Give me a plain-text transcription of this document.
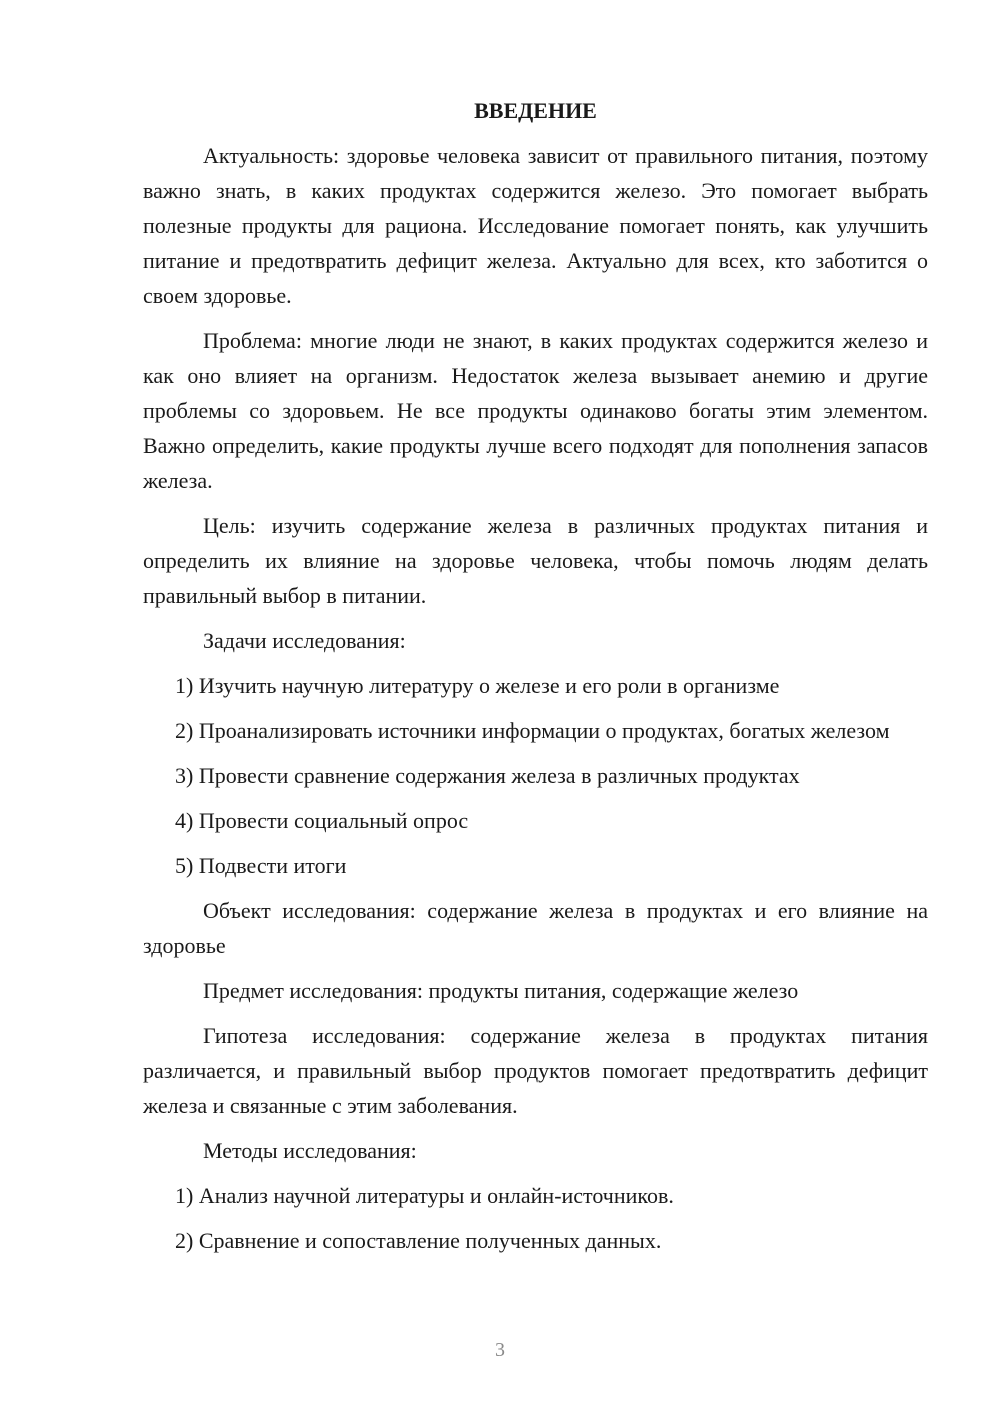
ВВЕДЕНИЕ

Актуальность: здоровье человека зависит от правильного питания, поэтому важно знать, в каких продуктах содержится железо. Это помогает выбрать полезные продукты для рациона. Исследование помогает понять, как улучшить питание и предотвратить дефицит железа. Актуально для всех, кто заботится о своем здоровье.

Проблема: многие люди не знают, в каких продуктах содержится железо и как оно влияет на организм. Недостаток железа вызывает анемию и другие проблемы со здоровьем. Не все продукты одинаково богаты этим элементом. Важно определить, какие продукты лучше всего подходят для пополнения запасов железа.

Цель: изучить содержание железа в различных продуктах питания и определить их влияние на здоровье человека, чтобы помочь людям делать правильный выбор в питании.

Задачи исследования:

1) Изучить научную литературу о железе и его роли в организме

2) Проанализировать источники информации о продуктах, богатых железом

3) Провести сравнение содержания железа в различных продуктах

4) Провести социальный опрос

5) Подвести итоги

Объект исследования: содержание железа в продуктах и его влияние на здоровье

Предмет исследования: продукты питания, содержащие железо

Гипотеза исследования: содержание железа в продуктах питания различается, и правильный выбор продуктов помогает предотвратить дефицит железа и связанные с этим заболевания.

Методы исследования:

1) Анализ научной литературы и онлайн-источников.

2) Сравнение и сопоставление полученных данных.

3
